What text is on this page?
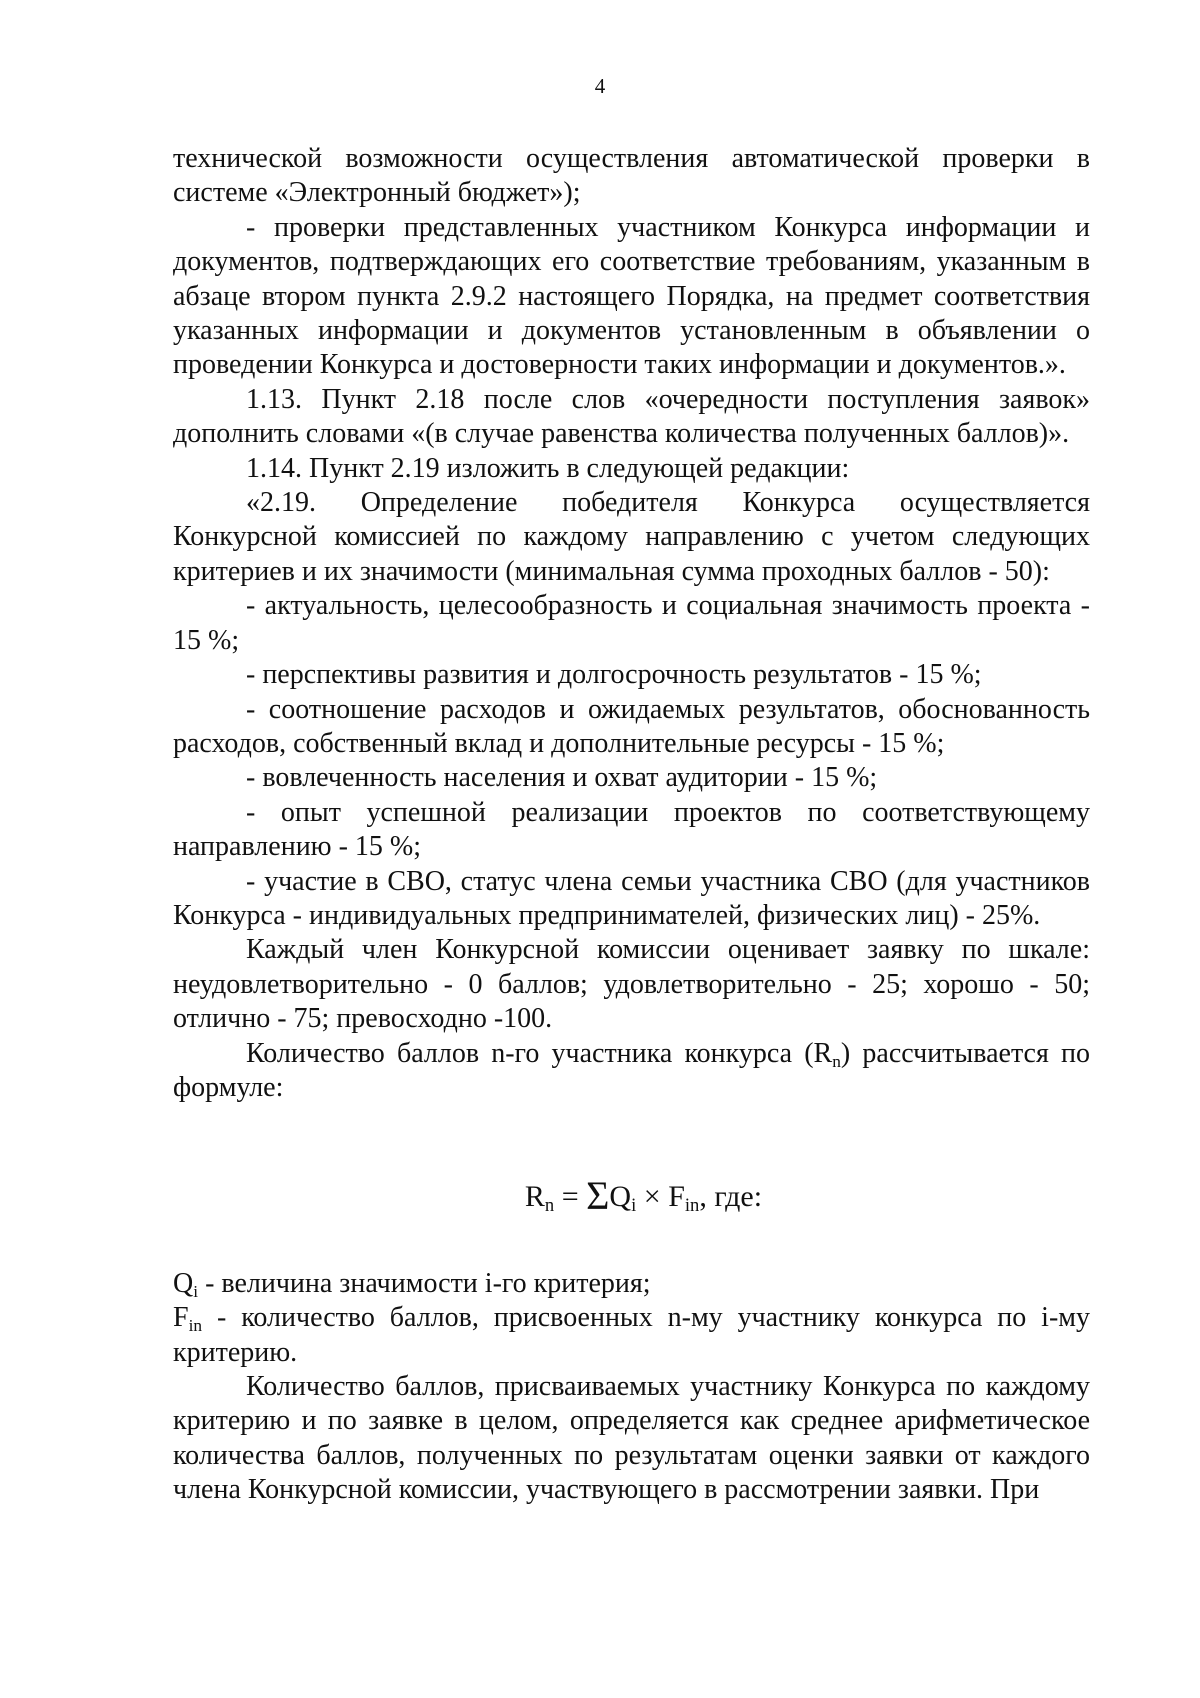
4

технической возможности осуществления автоматической проверки в системе «Электронный бюджет»);

- проверки представленных участником Конкурса информации и документов, подтверждающих его соответствие требованиям, указанным в абзаце втором пункта 2.9.2 настоящего Порядка, на предмет соответствия указанных информации и документов установленным в объявлении о проведении Конкурса и достоверности таких информации и документов.».

1.13. Пункт 2.18 после слов «очередности поступления заявок» дополнить словами «(в случае равенства количества полученных баллов)».

1.14. Пункт 2.19 изложить в следующей редакции:

«2.19. Определение победителя Конкурса осуществляется Конкурсной комиссией по каждому направлению с учетом следующих критериев и их значимости (минимальная сумма проходных баллов - 50):

- актуальность, целесообразность и социальная значимость проекта - 15 %;

- перспективы развития и долгосрочность результатов - 15 %;

- соотношение расходов и ожидаемых результатов, обоснованность расходов, собственный вклад и дополнительные ресурсы - 15 %;

- вовлеченность населения и охват аудитории - 15 %;

- опыт успешной реализации проектов по соответствующему направлению - 15 %;

- участие в СВО, статус члена семьи участника СВО (для участников Конкурса - индивидуальных предпринимателей, физических лиц) - 25%.

Каждый член Конкурсной комиссии оценивает заявку по шкале: неудовлетворительно - 0 баллов; удовлетворительно - 25; хорошо - 50; отлично - 75; превосходно -100.

Количество баллов n-го участника конкурса $(R_n)$ рассчитывается по формуле:

$R_n = \Sigma Q_i \times F_{in}$, где:

$Q_i$ - величина значимости i-го критерия;

$F_{in}$ - количество баллов, присвоенных n-му участнику конкурса по i-му критерию.

Количество баллов, присваиваемых участнику Конкурса по каждому критерию и по заявке в целом, определяется как среднее арифметическое количества баллов, полученных по результатам оценки заявки от каждого члена Конкурсной комиссии, участвующего в рассмотрении заявки. При
